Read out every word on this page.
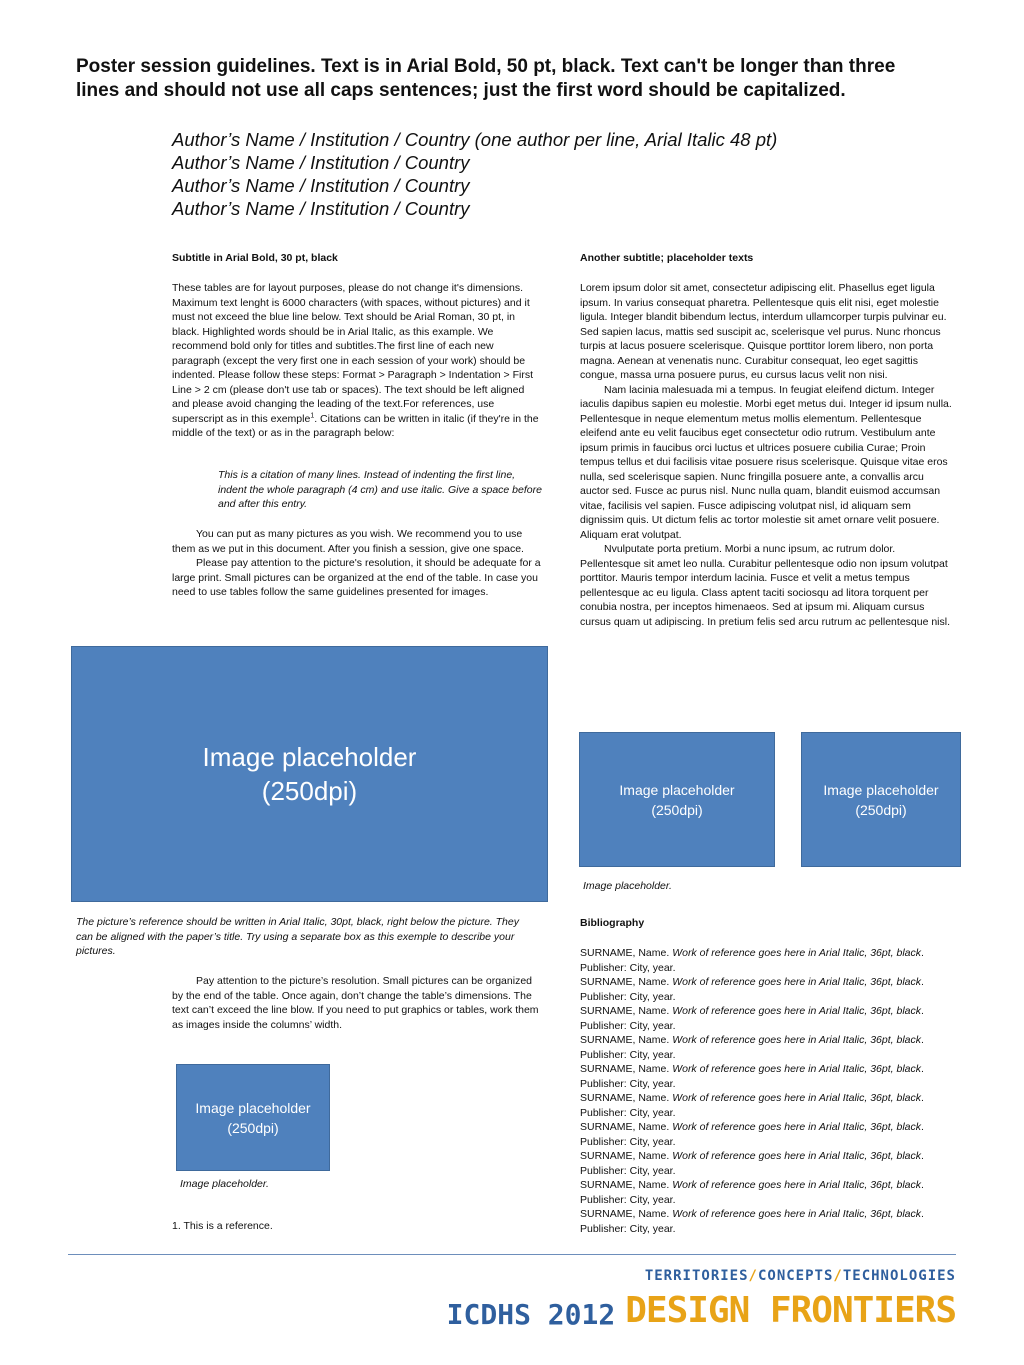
Poster session guidelines. Text is in Arial Bold, 50 pt, black. Text can't be longer than three lines and should not use all caps sentences; just the first word should be capitalized.
Author’s Name / Institution / Country (one author per line, Arial Italic 48 pt)
Author’s Name / Institution / Country
Author’s Name / Institution / Country
Author’s Name / Institution / Country
Subtitle in Arial Bold, 30 pt, black

These tables are for layout purposes, please do not change it's dimensions. Maximum text lenght is 6000 characters (with spaces, without pictures) and it must not exceed the blue line below. Text should be Arial Roman, 30 pt, in black. Highlighted words should be in Arial Italic, as this example. We recommend bold only for titles and subtitles.The first line of each new paragraph (except the very first one in each session of your work) should be indented. Please follow these steps: Format > Paragraph > Indentation > First Line > 2 cm (please don't use tab or spaces). The text should be left aligned and please avoid changing the leading of the text.For references, use superscript as in this exemple$^1$. Citations can be written in italic (if they're in the middle of the text) or as in the paragraph below:

This is a citation of many lines. Instead of indenting the first line, indent the whole paragraph (4 cm) and use italic. Give a space before and after this entry.

You can put as many pictures as you wish. We recommend you to use them as we put in this document. After you finish a session, give one space.

Please pay attention to the picture's resolution, it should be adequate for a large print. Small pictures can be organized at the end of the table. In case you need to use tables follow the same guidelines presented for images.

Image placeholder (250dpi)
The picture’s reference should be written in Arial Italic, 30pt, black, right below the picture. They can be aligned with the paper’s title. Try using a separate box as this exemple to describe your pictures.

Pay attention to the picture’s resolution. Small pictures can be organized by the end of the table. Once again, don’t change the table’s dimensions. The text can’t exceed the line blow. If you need to put graphics or tables, work them as images inside the columns’ width.

Image placeholder (250dpi)
Image placeholder.
1. This is a reference.
Another subtitle; placeholder texts

Lorem ipsum dolor sit amet, consectetur adipiscing elit. Phasellus eget ligula ipsum. In varius consequat pharetra. Pellentesque quis elit nisi, eget molestie ligula. Integer blandit bibendum lectus, interdum ullamcorper turpis pulvinar eu. Sed sapien lacus, mattis sed suscipit ac, scelerisque vel purus. Nunc rhoncus turpis at lacus posuere scelerisque. Quisque porttitor lorem libero, non porta magna. Aenean at venenatis nunc. Curabitur consequat, leo eget sagittis congue, massa urna posuere purus, eu cursus lacus velit non nisi.

Nam lacinia malesuada mi a tempus. In feugiat eleifend dictum. Integer iaculis dapibus sapien eu molestie. Morbi eget metus dui. Integer id ipsum nulla. Pellentesque in neque elementum metus mollis elementum. Pellentesque eleifend ante eu velit faucibus eget consectetur odio rutrum. Vestibulum ante ipsum primis in faucibus orci luctus et ultrices posuere cubilia Curae; Proin tempus tellus et dui facilisis vitae posuere risus scelerisque. Quisque vitae eros nulla, sed scelerisque sapien. Nunc fringilla posuere ante, a convallis arcu auctor sed. Fusce ac purus nisl. Nunc nulla quam, blandit euismod accumsan vitae, facilisis vel sapien. Fusce adipiscing volutpat nisl, id aliquam sem dignissim quis. Ut dictum felis ac tortor molestie sit amet ornare velit posuere. Aliquam erat volutpat.

Nvulputate porta pretium. Morbi a nunc ipsum, ac rutrum dolor. Pellentesque sit amet leo nulla. Curabitur pellentesque odio non ipsum volutpat porttitor. Mauris tempor interdum lacinia. Fusce et velit a metus tempus pellentesque ac eu ligula. Class aptent taciti sociosqu ad litora torquent per conubia nostra, per inceptos himenaeos. Sed at ipsum mi. Aliquam cursus cursus quam ut adipiscing. In pretium felis sed arcu rutrum ac pellentesque nisl.

Image placeholder (250dpi)
Image placeholder (250dpi)
Image placeholder.
Bibliography
SURNAME, Name. Work of reference goes here in Arial Italic, 36pt, black. Publisher: City, year.
SURNAME, Name. Work of reference goes here in Arial Italic, 36pt, black. Publisher: City, year.
SURNAME, Name. Work of reference goes here in Arial Italic, 36pt, black. Publisher: City, year.
SURNAME, Name. Work of reference goes here in Arial Italic, 36pt, black. Publisher: City, year.
SURNAME, Name. Work of reference goes here in Arial Italic, 36pt, black. Publisher: City, year.
SURNAME, Name. Work of reference goes here in Arial Italic, 36pt, black. Publisher: City, year.
SURNAME, Name. Work of reference goes here in Arial Italic, 36pt, black. Publisher: City, year.
SURNAME, Name. Work of reference goes here in Arial Italic, 36pt, black. Publisher: City, year.
SURNAME, Name. Work of reference goes here in Arial Italic, 36pt, black. Publisher: City, year.
SURNAME, Name. Work of reference goes here in Arial Italic, 36pt, black. Publisher: City, year.
TERRITORIES/CONCEPTS/TECHNOLOGIES
ICDHS 2012 DESIGN FRONTIERS
